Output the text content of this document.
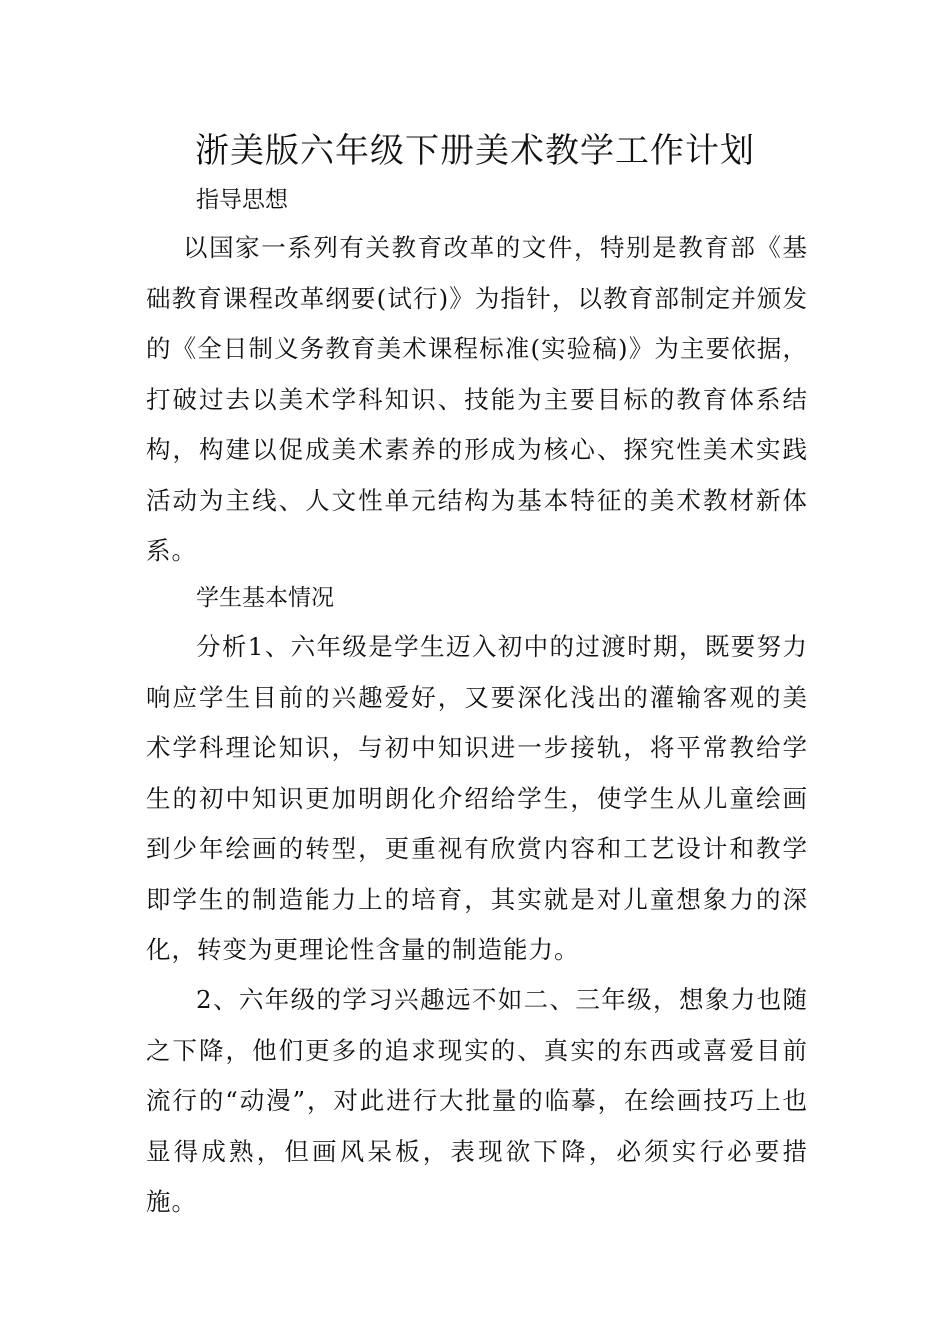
浙美版六年级下册美术教学工作计划

指导思想

以国家一系列有关教育改革的文件，特别是教育部《基础教育课程改革纲要(试行)》为指针，以教育部制定并颁发的《全日制义务教育美术课程标准(实验稿)》为主要依据，打破过去以美术学科知识、技能为主要目标的教育体系结构，构建以促成美术素养的形成为核心、探究性美术实践活动为主线、人文性单元结构为基本特征的美术教材新体系。

学生基本情况

分析1、六年级是学生迈入初中的过渡时期，既要努力响应学生目前的兴趣爱好，又要深化浅出的灌输客观的美术学科理论知识，与初中知识进一步接轨，将平常教给学生的初中知识更加明朗化介绍给学生，使学生从儿童绘画到少年绘画的转型，更重视有欣赏内容和工艺设计和教学即学生的制造能力上的培育，其实就是对儿童想象力的深化，转变为更理论性含量的制造能力。

2、六年级的学习兴趣远不如二、三年级，想象力也随之下降，他们更多的追求现实的、真实的东西或喜爱目前流行的“动漫”，对此进行大批量的临摹，在绘画技巧上也显得成熟，但画风呆板，表现欲下降，必须实行必要措施。
